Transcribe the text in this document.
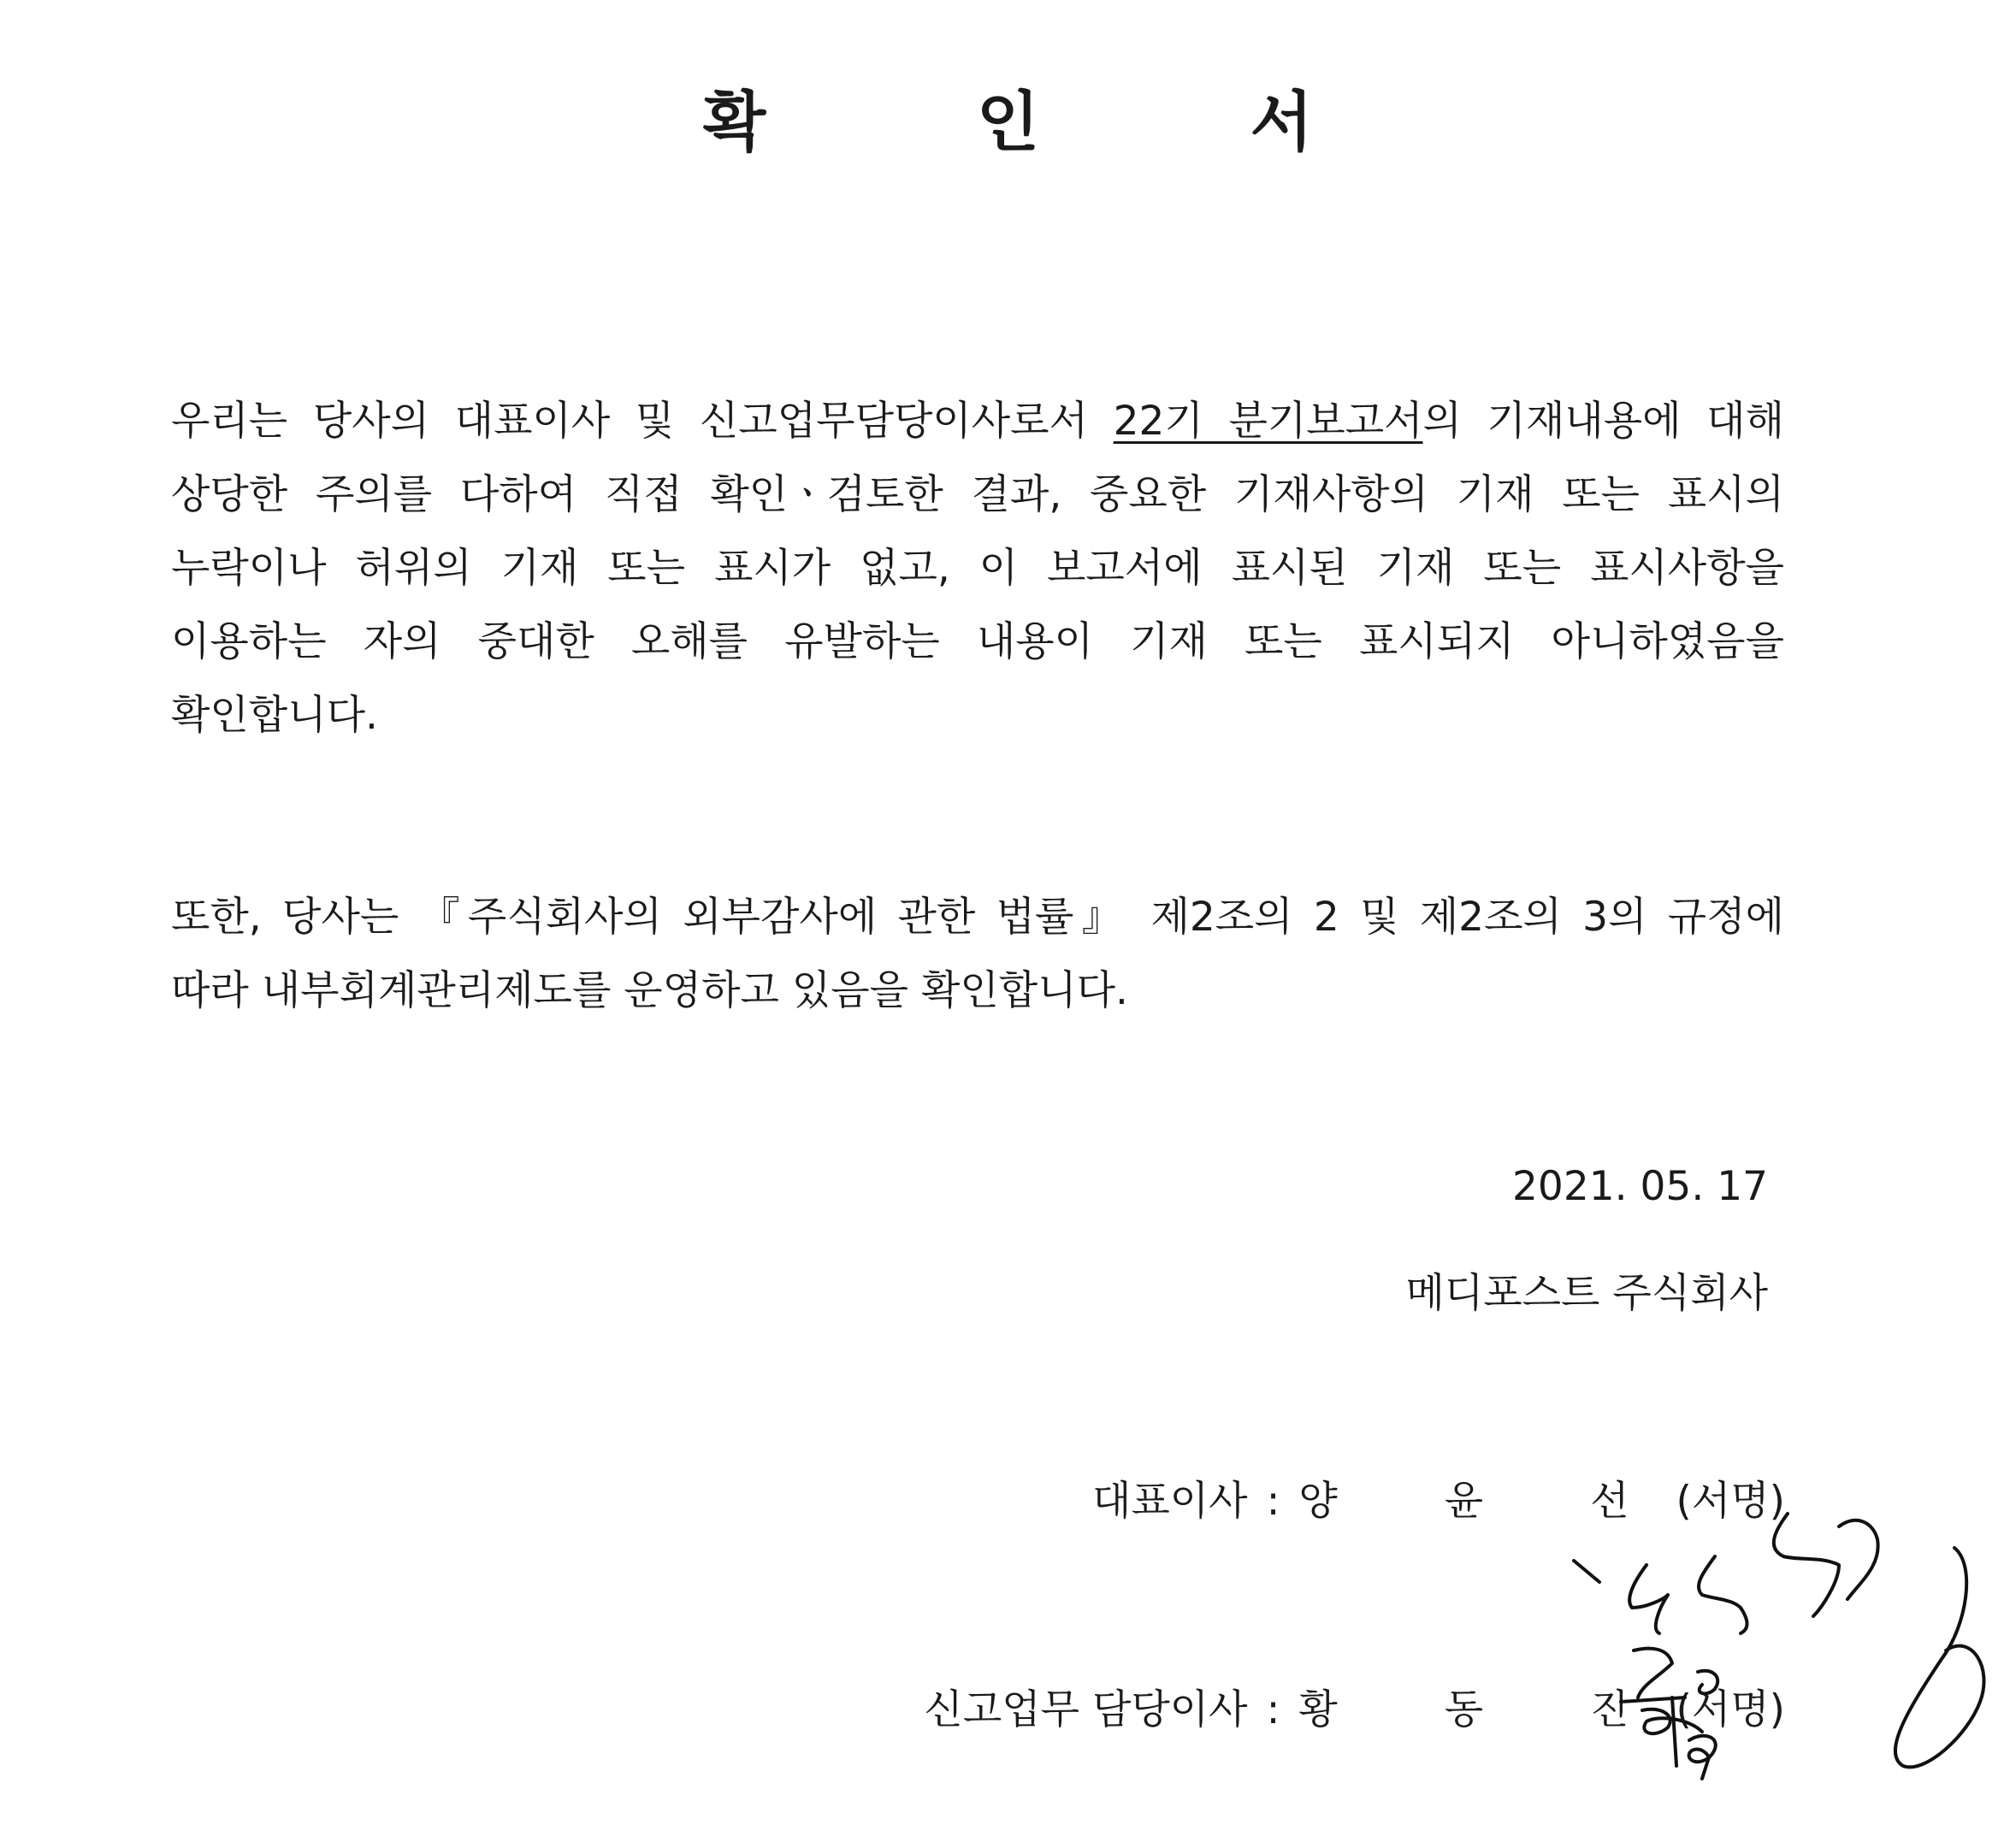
확 인 서
우리는 당사의 대표이사 및 신고업무담당이사로서 22기 분기보고서의 기재내용에 대해
상당한 주의를 다하여 직접 확인ㆍ검토한 결과, 중요한 기재사항의 기재 또는 표시의
누락이나 허위의 기재 또는 표시가 없고, 이 보고서에 표시된 기재 또는 표시사항을
이용하는 자의 중대한 오해를 유발하는 내용이 기재 또는 표시되지 아니하였음을
확인합니다.
또한, 당사는 『주식회사의 외부감사에 관한 법률』 제2조의 2 및 제2조의 3의 규정에
따라 내부회계관리제도를 운영하고 있음을 확인합니다.
2021. 05. 17
메디포스트 주식회사
대표이사 : 양 윤 선(서명)
신고업무 담당이사 : 황 동 진(서명)
